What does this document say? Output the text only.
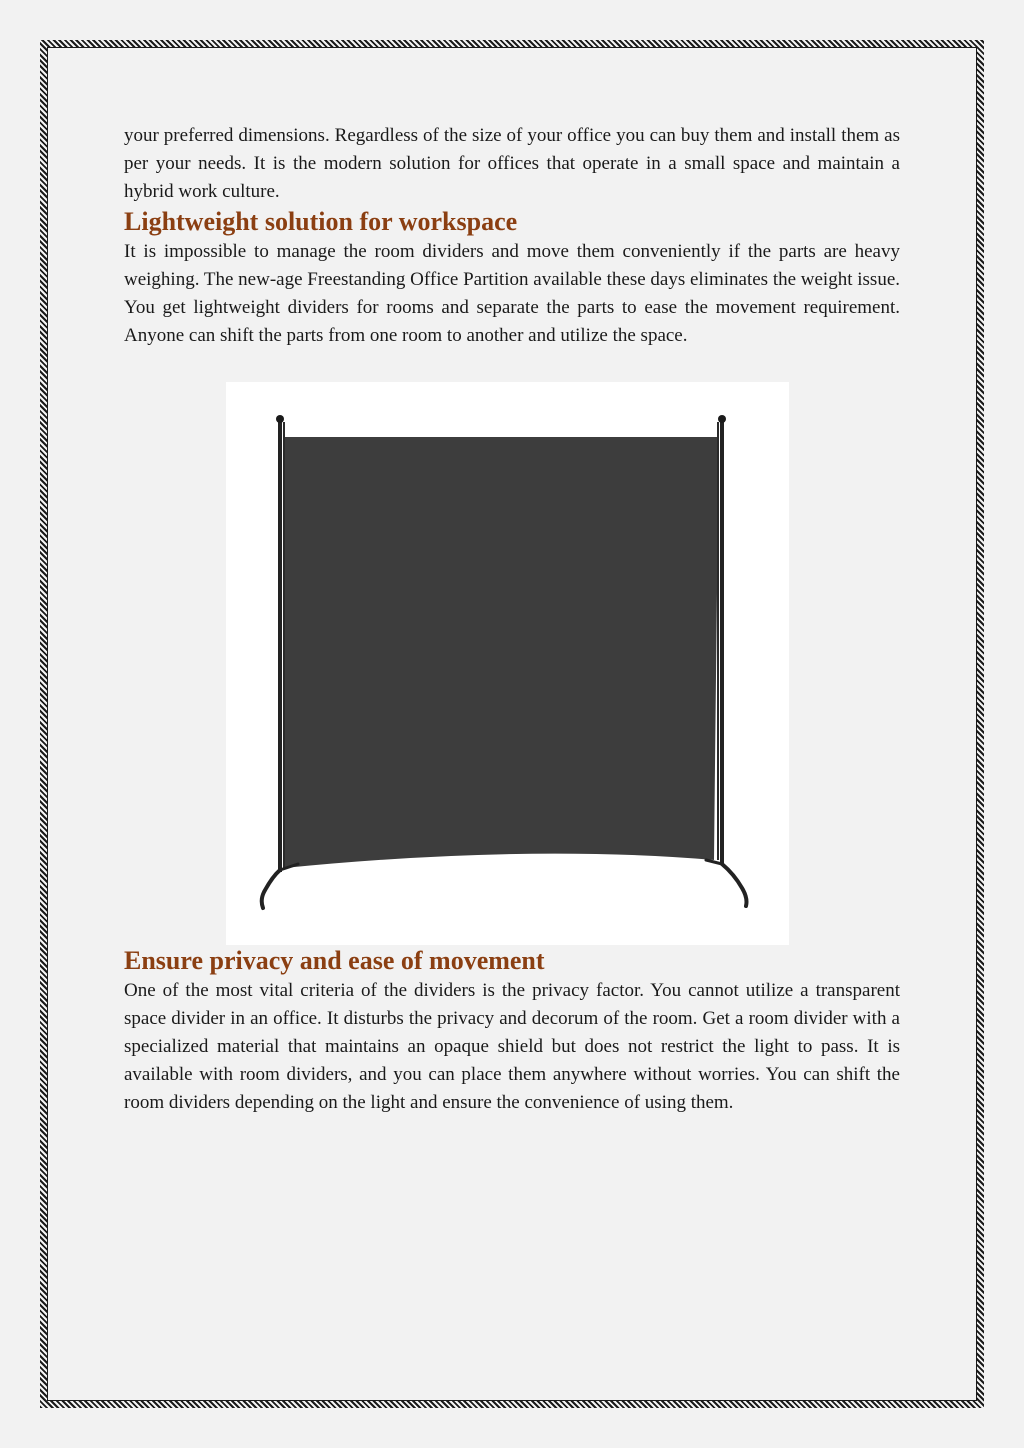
your preferred dimensions. Regardless of the size of your office you can buy them and install them as per your needs. It is the modern solution for offices that operate in a small space and maintain a hybrid work culture.

Lightweight solution for workspace

It is impossible to manage the room dividers and move them conveniently if the parts are heavy weighing. The new-age Freestanding Office Partition available these days eliminates the weight issue. You get lightweight dividers for rooms and separate the parts to ease the movement requirement. Anyone can shift the parts from one room to another and utilize the space.

Ensure privacy and ease of movement

One of the most vital criteria of the dividers is the privacy factor. You cannot utilize a transparent space divider in an office. It disturbs the privacy and decorum of the room. Get a room divider with a specialized material that maintains an opaque shield but does not restrict the light to pass. It is available with room dividers, and you can place them anywhere without worries. You can shift the room dividers depending on the light and ensure the convenience of using them.
